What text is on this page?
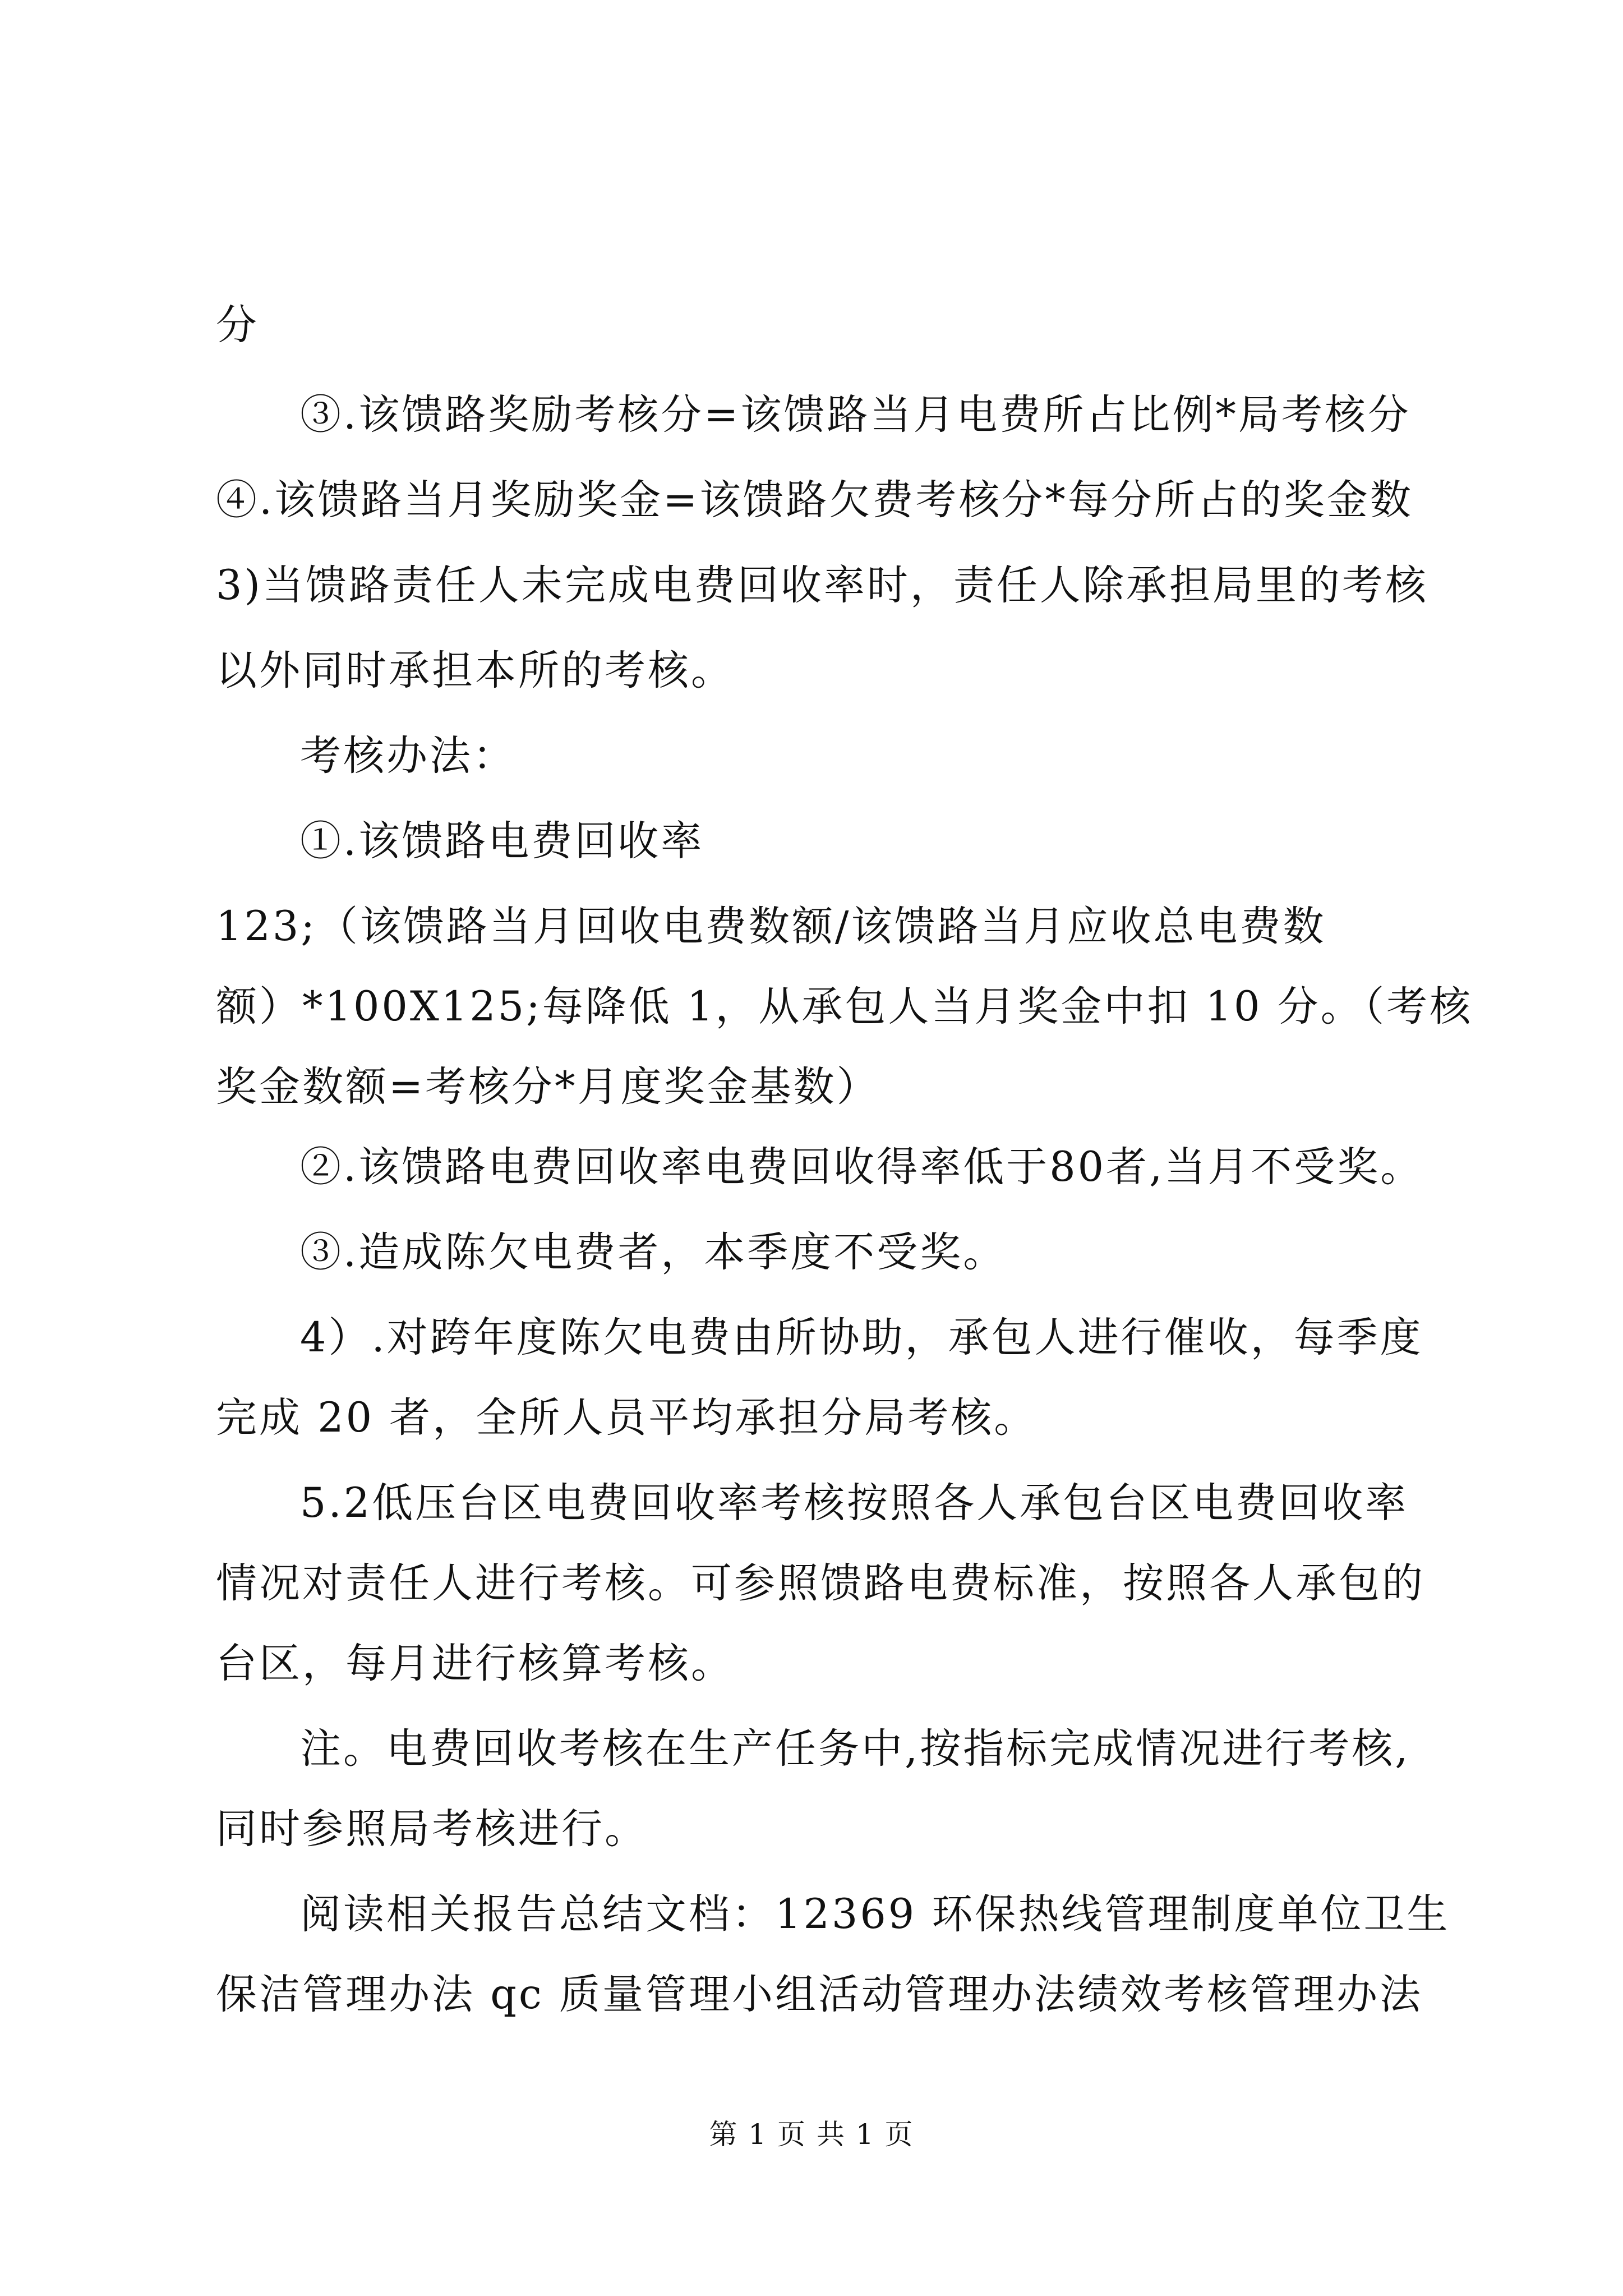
分
③.该馈路奖励考核分=该馈路当月电费所占比例*局考核分
④.该馈路当月奖励奖金=该馈路欠费考核分*每分所占的奖金数
3)当馈路责任人未完成电费回收率时，责任人除承担局里的考核
以外同时承担本所的考核。
考核办法：
①.该馈路电费回收率
123;（该馈路当月回收电费数额/该馈路当月应收总电费数
额）*100X125;每降低 1，从承包人当月奖金中扣 10 分。（考核
奖金数额=考核分*月度奖金基数）
②.该馈路电费回收率电费回收得率低于80者,当月不受奖。
③.造成陈欠电费者，本季度不受奖。
4）.对跨年度陈欠电费由所协助，承包人进行催收，每季度
完成 20 者，全所人员平均承担分局考核。
5.2低压台区电费回收率考核按照各人承包台区电费回收率
情况对责任人进行考核。可参照馈路电费标准，按照各人承包的
台区，每月进行核算考核。
注。电费回收考核在生产任务中,按指标完成情况进行考核,
同时参照局考核进行。
阅读相关报告总结文档：12369 环保热线管理制度单位卫生
保洁管理办法 qc 质量管理小组活动管理办法绩效考核管理办法
第 1 页 共 1 页
